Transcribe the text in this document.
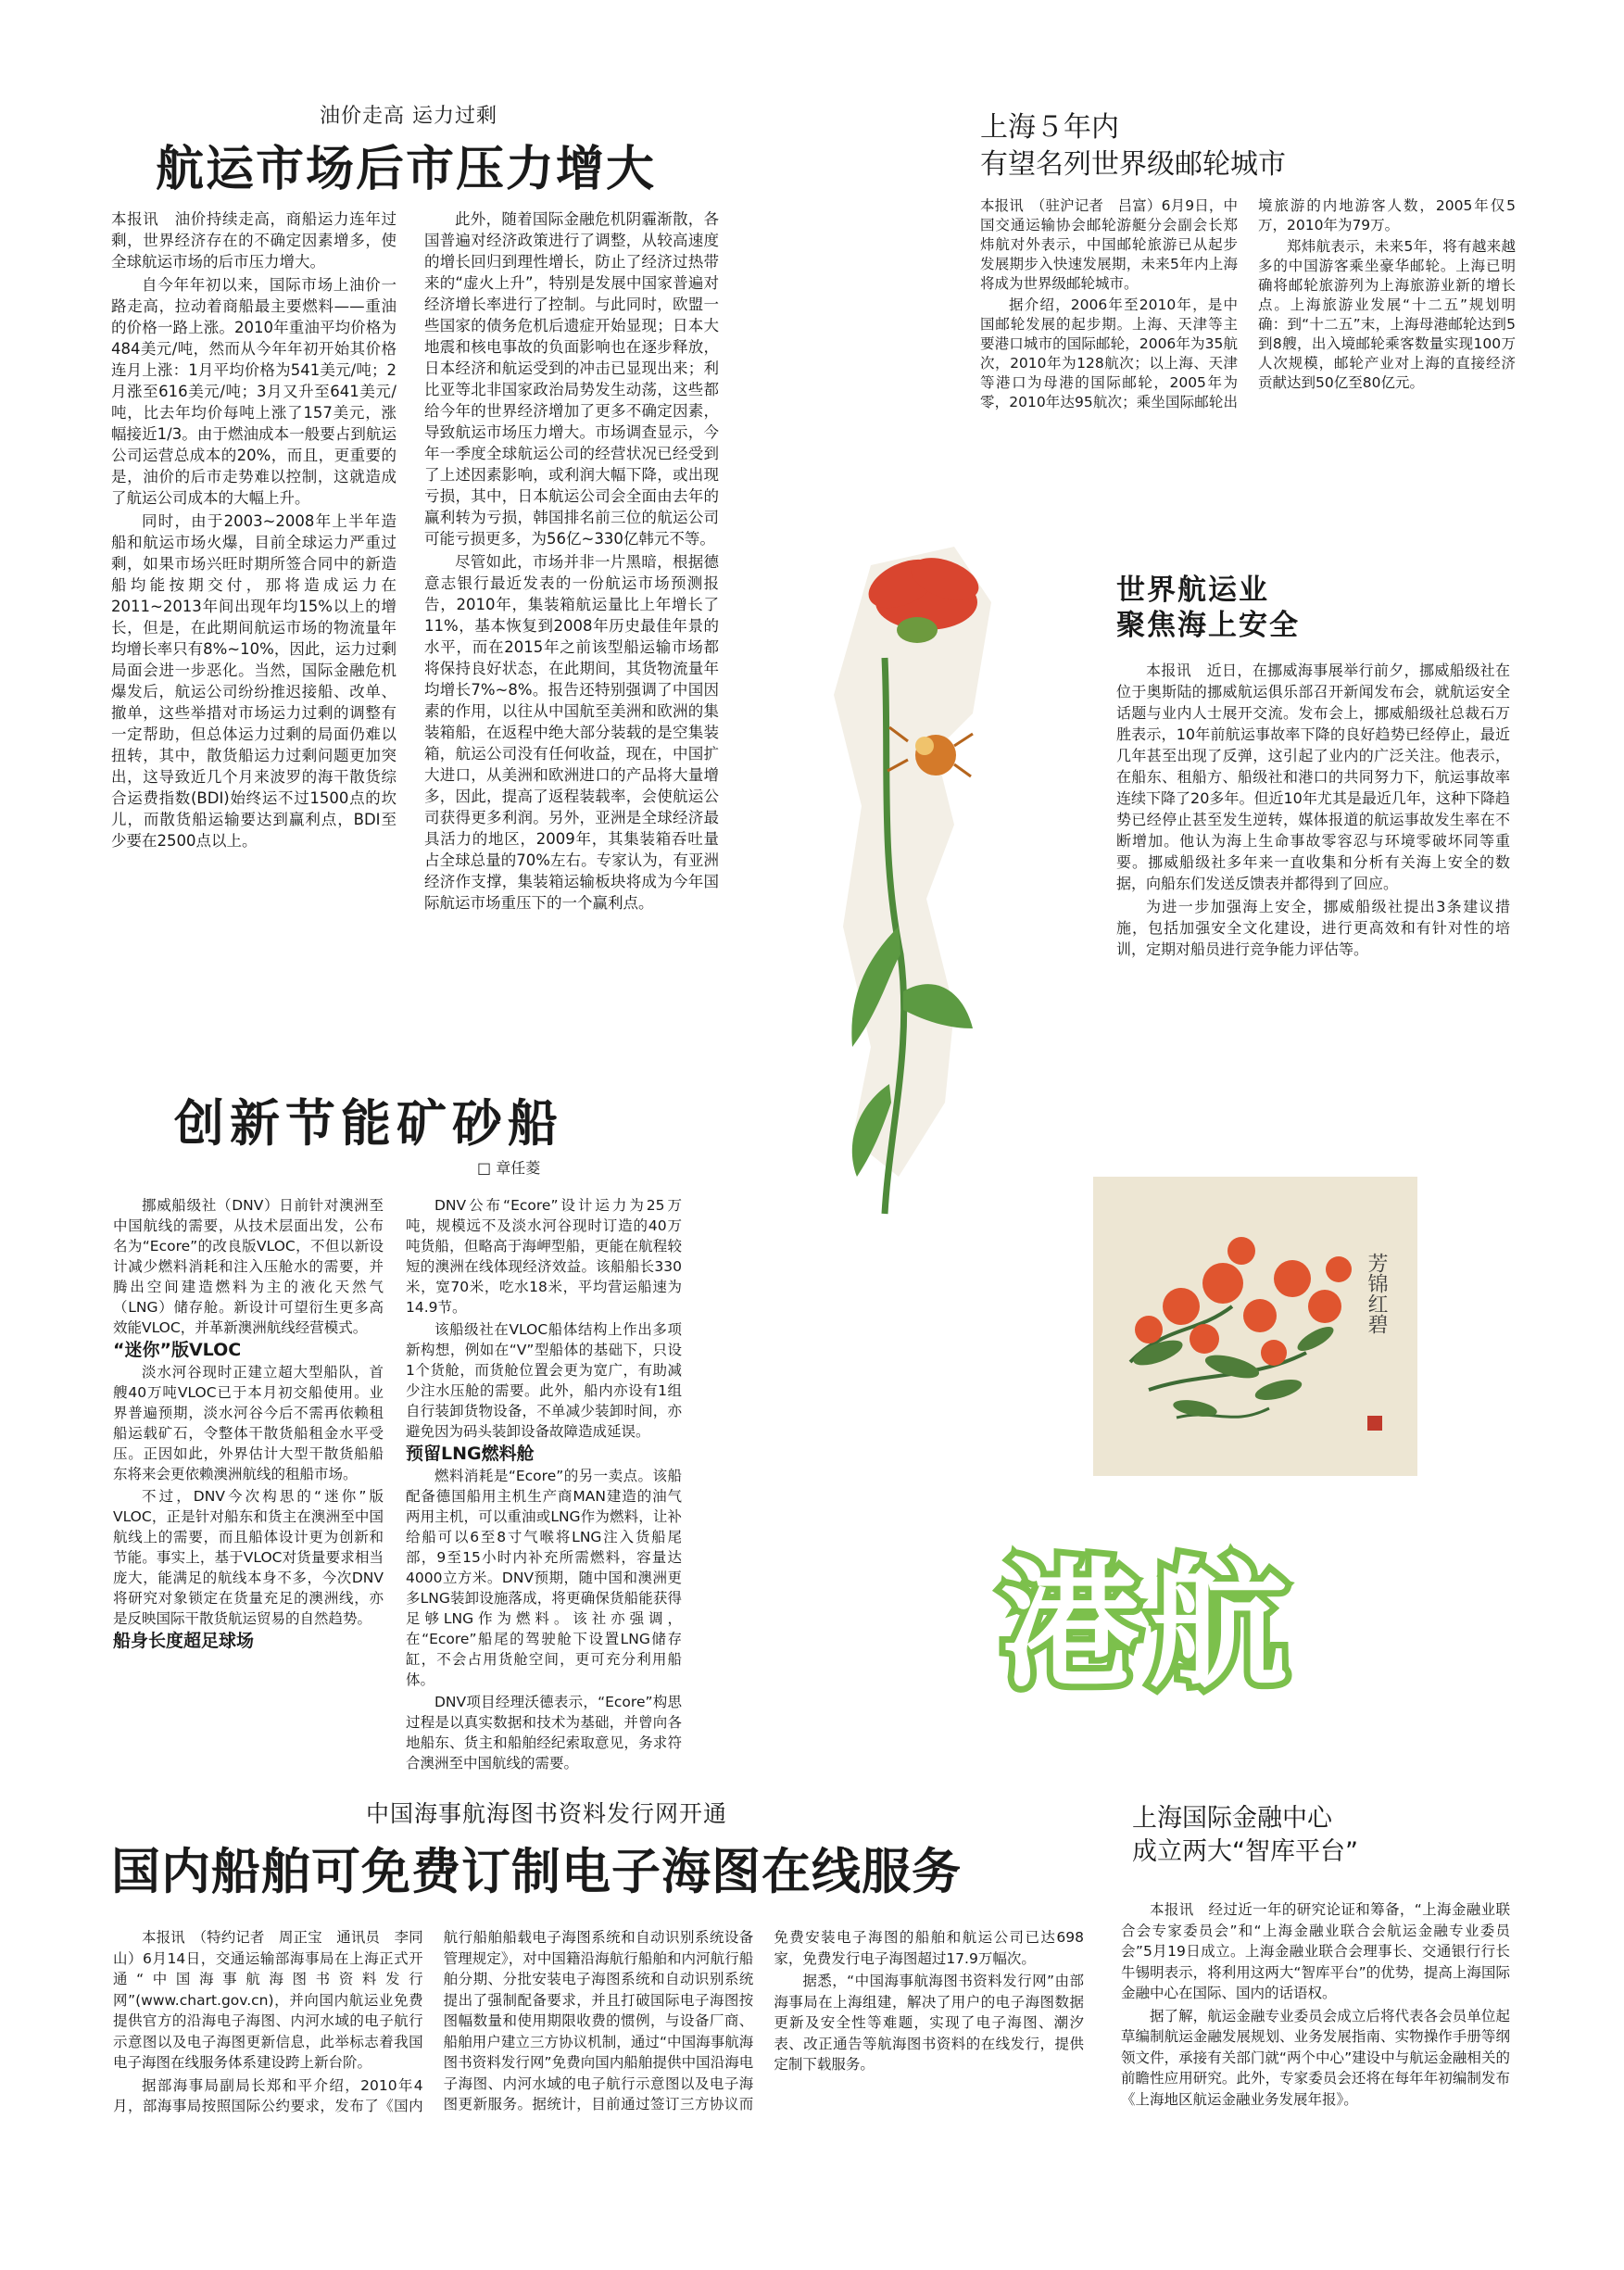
油价走高 运力过剩
航运市场后市压力增大

本报讯　油价持续走高，商船运力连年过剩，世界经济存在的不确定因素增多，使全球航运市场的后市压力增大。

自今年年初以来，国际市场上油价一路走高，拉动着商船最主要燃料——重油的价格一路上涨。2010年重油平均价格为484美元/吨，然而从今年年初开始其价格连月上涨：1月平均价格为541美元/吨；2月涨至616美元/吨；3月又升至641美元/吨，比去年均价每吨上涨了157美元，涨幅接近1/3。由于燃油成本一般要占到航运公司运营总成本的20%，而且，更重要的是，油价的后市走势难以控制，这就造成了航运公司成本的大幅上升。

同时，由于2003~2008年上半年造船和航运市场火爆，目前全球运力严重过剩，如果市场兴旺时期所签合同中的新造船均能按期交付，那将造成运力在2011~2013年间出现年均15%以上的增长，但是，在此期间航运市场的物流量年均增长率只有8%~10%，因此，运力过剩局面会进一步恶化。当然，国际金融危机爆发后，航运公司纷纷推迟接船、改单、撤单，这些举措对市场运力过剩的调整有一定帮助，但总体运力过剩的局面仍难以扭转，其中，散货船运力过剩问题更加突出，这导致近几个月来波罗的海干散货综合运费指数(BDI)始终运不过1500点的坎儿，而散货船运输要达到赢利点，BDI至少要在2500点以上。

此外，随着国际金融危机阴霾渐散，各国普遍对经济政策进行了调整，从较高速度的增长回归到理性增长，防止了经济过热带来的“虚火上升”，特别是发展中国家普遍对经济增长率进行了控制。与此同时，欧盟一些国家的债务危机后遗症开始显现；日本大地震和核电事故的负面影响也在逐步释放，日本经济和航运受到的冲击已显现出来；利比亚等北非国家政治局势发生动荡，这些都给今年的世界经济增加了更多不确定因素，导致航运市场压力增大。市场调查显示，今年一季度全球航运公司的经营状况已经受到了上述因素影响，或利润大幅下降，或出现亏损，其中，日本航运公司会全面由去年的赢利转为亏损，韩国排名前三位的航运公司可能亏损更多，为56亿~330亿韩元不等。

尽管如此，市场并非一片黑暗，根据德意志银行最近发表的一份航运市场预测报告，2010年，集装箱航运量比上年增长了11%，基本恢复到2008年历史最佳年景的水平，而在2015年之前该型船运输市场都将保持良好状态，在此期间，其货物流量年均增长7%~8%。报告还特别强调了中国因素的作用，以往从中国航至美洲和欧洲的集装箱船，在返程中绝大部分装载的是空集装箱，航运公司没有任何收益，现在，中国扩大进口，从美洲和欧洲进口的产品将大量增多，因此，提高了返程装载率，会使航运公司获得更多利润。另外，亚洲是全球经济最具活力的地区，2009年，其集装箱吞吐量占全球总量的70%左右。专家认为，有亚洲经济作支撑，集装箱运输板块将成为今年国际航运市场重压下的一个赢利点。

上海５年内
有望名列世界级邮轮城市

本报讯　（驻沪记者　吕富）6月9日，中国交通运输协会邮轮游艇分会副会长郑炜航对外表示，中国邮轮旅游已从起步发展期步入快速发展期，未来5年内上海将成为世界级邮轮城市。

据介绍，2006年至2010年，是中国邮轮发展的起步期。上海、天津等主要港口城市的国际邮轮，2006年为35航次，2010年为128航次；以上海、天津等港口为母港的国际邮轮，2005年为零，2010年达95航次；乘坐国际邮轮出境旅游的内地游客人数，2005年仅5万，2010年为79万。

郑炜航表示，未来5年，将有越来越多的中国游客乘坐豪华邮轮。上海已明确将邮轮旅游列为上海旅游业新的增长点。上海旅游业发展“十二五”规划明确：到“十二五”末，上海母港邮轮达到5到8艘，出入境邮轮乘客数量实现100万人次规模，邮轮产业对上海的直接经济贡献达到50亿至80亿元。

世界航运业
聚焦海上安全

本报讯　近日，在挪威海事展举行前夕，挪威船级社在位于奥斯陆的挪威航运俱乐部召开新闻发布会，就航运安全话题与业内人士展开交流。发布会上，挪威船级社总裁石万胜表示，10年前航运事故率下降的良好趋势已经停止，最近几年甚至出现了反弹，这引起了业内的广泛关注。他表示，在船东、租船方、船级社和港口的共同努力下，航运事故率连续下降了20多年。但近10年尤其是最近几年，这种下降趋势已经停止甚至发生逆转，媒体报道的航运事故发生率在不断增加。他认为海上生命事故零容忍与环境零破坏同等重要。挪威船级社多年来一直收集和分析有关海上安全的数据，向船东们发送反馈表并都得到了回应。

为进一步加强海上安全，挪威船级社提出3条建议措施，包括加强安全文化建设，进行更高效和有针对性的培训，定期对船员进行竞争能力评估等。

创新节能矿砂船
□ 章任菱

挪威船级社（DNV）日前针对澳洲至中国航线的需要，从技术层面出发，公布名为“Ecore”的改良版VLOC，不但以新设计减少燃料消耗和注入压舱水的需要，并腾出空间建造燃料为主的液化天然气（LNG）储存舱。新设计可望衍生更多高效能VLOC，并革新澳洲航线经营模式。

“迷你”版VLOC

淡水河谷现时正建立超大型船队，首艘40万吨VLOC已于本月初交船使用。业界普遍预期，淡水河谷今后不需再依赖租船运载矿石，令整体干散货船租金水平受压。正因如此，外界估计大型干散货船船东将来会更依赖澳洲航线的租船市场。

不过，DNV今次构思的“迷你”版VLOC，正是针对船东和货主在澳洲至中国航线上的需要，而且船体设计更为创新和节能。事实上，基于VLOC对货量要求相当庞大，能满足的航线本身不多，今次DNV将研究对象锁定在货量充足的澳洲线，亦是反映国际干散货航运贸易的自然趋势。

船身长度超足球场

DNV公布“Ecore”设计运力为25万吨，规模远不及淡水河谷现时订造的40万吨货船，但略高于海岬型船，更能在航程较短的澳洲在线体现经济效益。该船船长330米，宽70米，吃水18米，平均营运船速为14.9节。

该船级社在VLOC船体结构上作出多项新构想，例如在“V”型船体的基础下，只设1个货舱，而货舱位置会更为宽广，有助减少注水压舱的需要。此外，船内亦设有1组自行装卸货物设备，不单减少装卸时间，亦避免因为码头装卸设备故障造成延误。

预留LNG燃料舱

燃料消耗是“Ecore”的另一卖点。该船配备德国船用主机生产商MAN建造的油气两用主机，可以重油或LNG作为燃料，让补给船可以6至8寸气喉将LNG注入货船尾部，9至15小时内补充所需燃料，容量达4000立方米。DNV预期，随中国和澳洲更多LNG装卸设施落成，将更确保货船能获得足够LNG作为燃料。该社亦强调，在“Ecore”船尾的驾驶舱下设置LNG储存缸，不会占用货舱空间，更可充分利用船体。

DNV项目经理沃德表示，“Ecore”构思过程是以真实数据和技术为基础，并曾向各地船东、货主和船舶经纪索取意见，务求符合澳洲至中国航线的需要。

芳锦红碧
港航
中国海事航海图书资料发行网开通
国内船舶可免费订制电子海图在线服务

本报讯　（特约记者　周正宝　通讯员　李同山）6月14日，交通运输部海事局在上海正式开通“中国海事航海图书资料发行网”(www.chart.gov.cn)，并向国内航运业免费提供官方的沿海电子海图、内河水域的电子航行示意图以及电子海图更新信息，此举标志着我国电子海图在线服务体系建设跨上新台阶。

据部海事局副局长郑和平介绍，2010年4月，部海事局按照国际公约要求，发布了《国内航行船舶船载电子海图系统和自动识别系统设备管理规定》，对中国籍沿海航行船舶和内河航行船舶分期、分批安装电子海图系统和自动识别系统提出了强制配备要求，并且打破国际电子海图按图幅数量和使用期限收费的惯例，与设备厂商、船舶用户建立三方协议机制，通过“中国海事航海图书资料发行网”免费向国内船舶提供中国沿海电子海图、内河水域的电子航行示意图以及电子海图更新服务。据统计，目前通过签订三方协议而免费安装电子海图的船舶和航运公司已达698家，免费发行电子海图超过17.9万幅次。

据悉，“中国海事航海图书资料发行网”由部海事局在上海组建，解决了用户的电子海图数据更新及安全性等难题，实现了电子海图、潮汐表、改正通告等航海图书资料的在线发行，提供定制下载服务。

上海国际金融中心
成立两大“智库平台”

本报讯　经过近一年的研究论证和筹备，“上海金融业联合会专家委员会”和“上海金融业联合会航运金融专业委员会”5月19日成立。上海金融业联合会理事长、交通银行行长牛锡明表示，将利用这两大“智库平台”的优势，提高上海国际金融中心在国际、国内的话语权。

据了解，航运金融专业委员会成立后将代表各会员单位起草编制航运金融发展规划、业务发展指南、实物操作手册等纲领文件，承接有关部门就“两个中心”建设中与航运金融相关的前瞻性应用研究。此外，专家委员会还将在每年年初编制发布《上海地区航运金融业务发展年报》。
